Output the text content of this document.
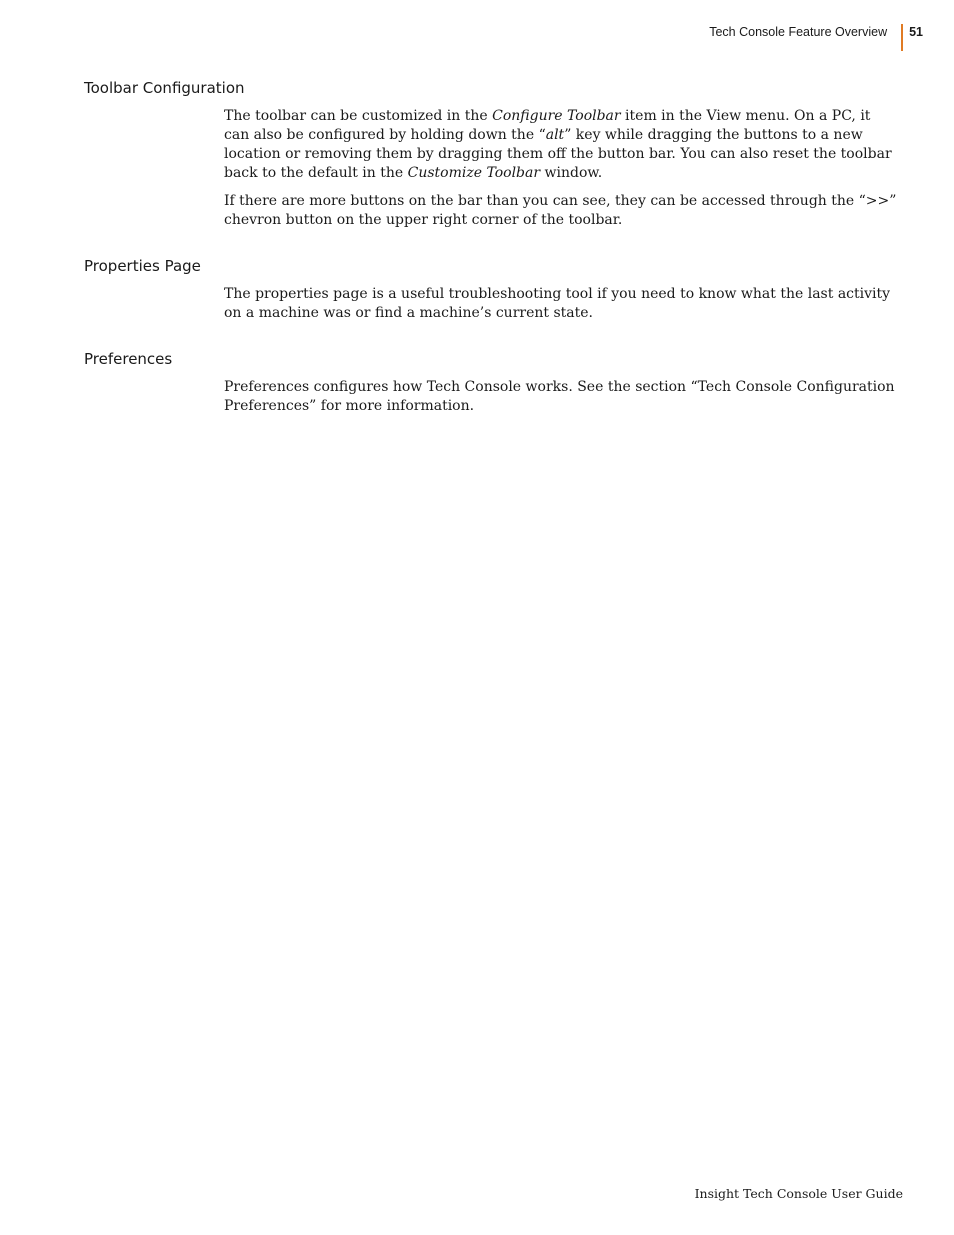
Tech Console Feature Overview	51
Toolbar Configuration

The toolbar can be customized in the Configure Toolbar item in the View menu. On a PC, it can also be configured by holding down the “alt” key while dragging the buttons to a new location or removing them by dragging them off the button bar. You can also reset the toolbar back to the default in the Customize Toolbar window.

If there are more buttons on the bar than you can see, they can be accessed through the “>>” chevron button on the upper right corner of the toolbar.

Properties Page

The properties page is a useful troubleshooting tool if you need to know what the last activity on a machine was or find a machine’s current state.

Preferences

Preferences configures how Tech Console works. See the section “Tech Console Configuration Preferences” for more information.

Insight Tech Console User Guide
